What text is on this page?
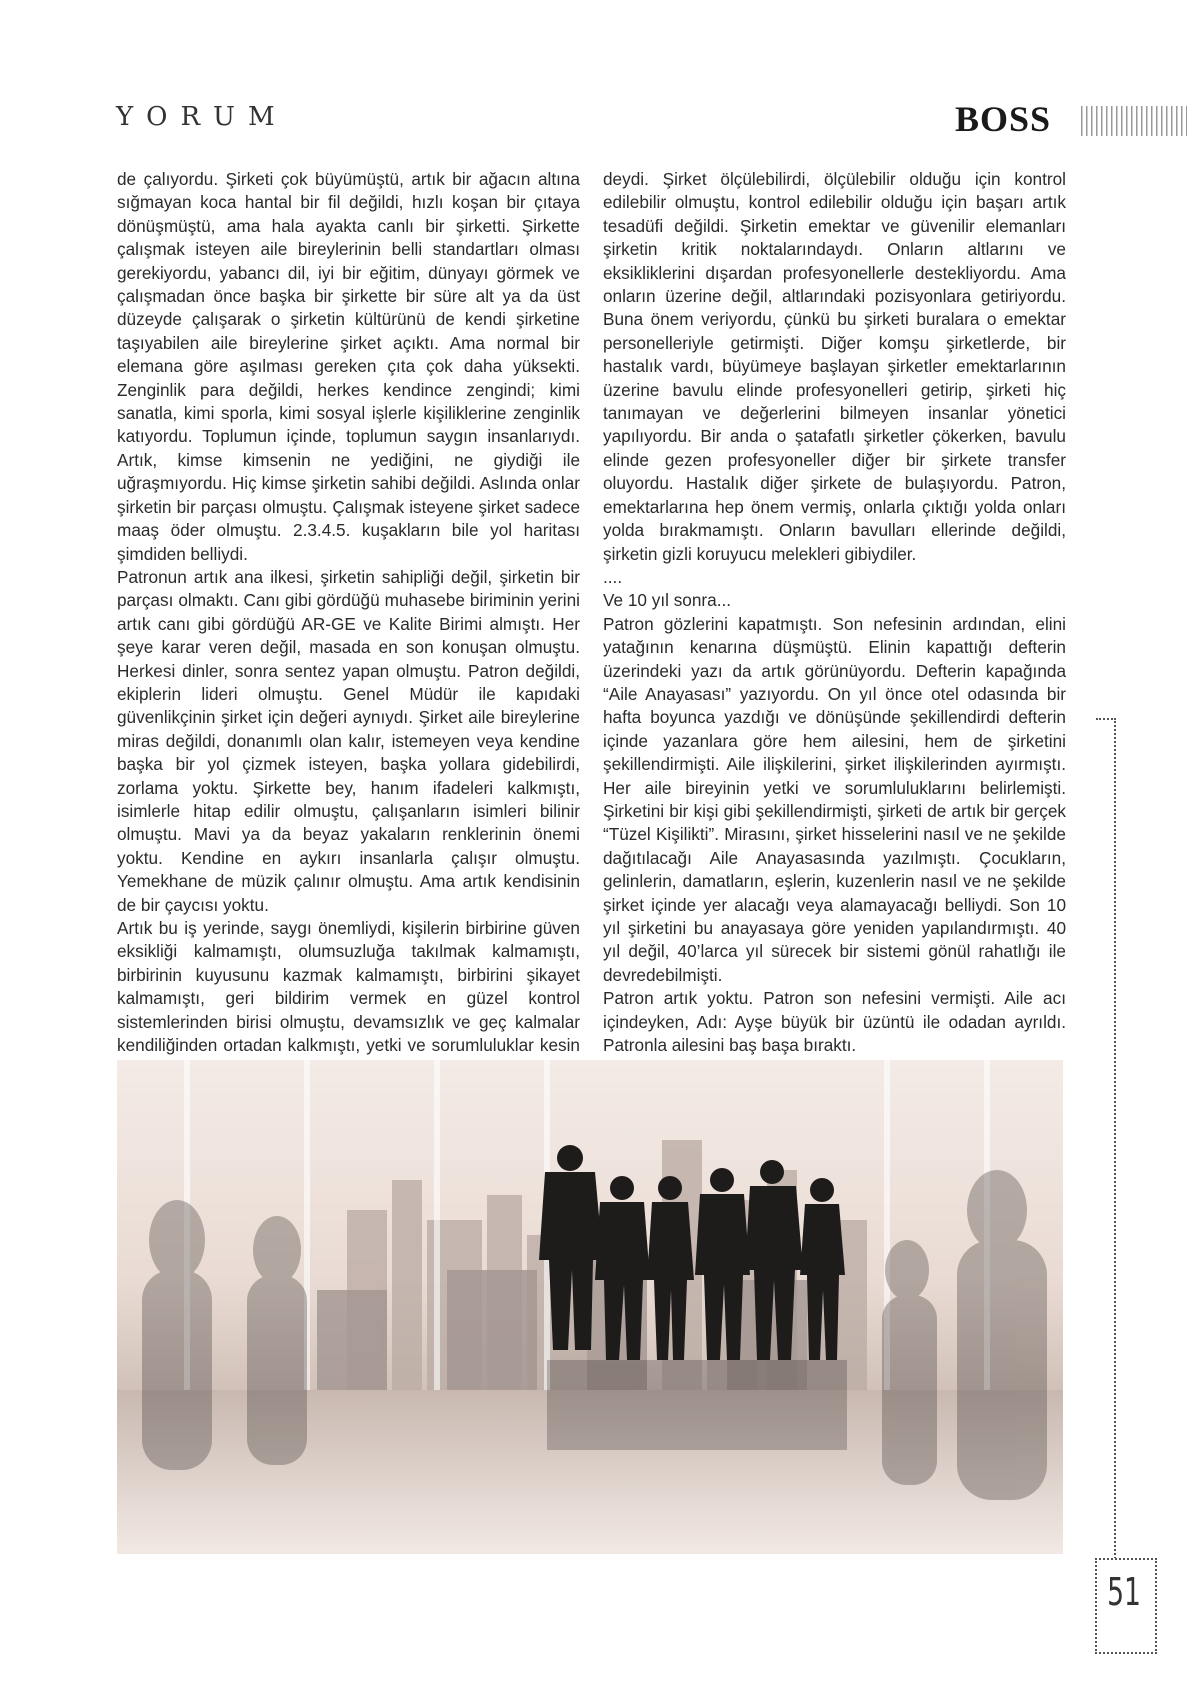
YORUM	BOSS

de çalıyordu. Şirketi çok büyümüştü, artık bir ağacın altına sığmayan koca hantal bir fil değildi, hızlı koşan bir çıtaya dönüşmüştü, ama hala ayakta canlı bir şirketti. Şirkette çalışmak isteyen aile bireylerinin belli standartları olması gerekiyordu, yabancı dil, iyi bir eğitim, dünyayı görmek ve çalışmadan önce başka bir şirkette bir süre alt ya da üst düzeyde çalışarak o şirketin kültürünü de kendi şirketine taşıyabilen aile bireylerine şirket açıktı. Ama normal bir elemana göre aşılması gereken çıta çok daha yüksekti. Zenginlik para değildi, herkes kendince zengindi; kimi sanatla, kimi sporla, kimi sosyal işlerle kişiliklerine zenginlik katıyordu. Toplumun içinde, toplumun saygın insanlarıydı. Artık, kimse kimsenin ne yediğini, ne giydiği ile uğraşmıyordu. Hiç kimse şirketin sahibi değildi. Aslında onlar şirketin bir parçası olmuştu. Çalışmak isteyene şirket sadece maaş öder olmuştu. 2.3.4.5. kuşakların bile yol haritası şimdiden belliydi.

Patronun artık ana ilkesi, şirketin sahipliği değil, şirketin bir parçası olmaktı. Canı gibi gördüğü muhasebe biriminin yerini artık canı gibi gördüğü AR-GE ve Kalite Birimi almıştı. Her şeye karar veren değil, masada en son konuşan olmuştu. Herkesi dinler, sonra sentez yapan olmuştu. Patron değildi, ekiplerin lideri olmuştu. Genel Müdür ile kapıdaki güvenlikçinin şirket için değeri aynıydı. Şirket aile bireylerine miras değildi, donanımlı olan kalır, istemeyen veya kendine başka bir yol çizmek isteyen, başka yollara gidebilirdi, zorlama yoktu. Şirkette bey, hanım ifadeleri kalkmıştı, isimlerle hitap edilir olmuştu, çalışanların isimleri bilinir olmuştu. Mavi ya da beyaz yakaların renklerinin önemi yoktu. Kendine en aykırı insanlarla çalışır olmuştu. Yemekhane de müzik çalınır olmuştu. Ama artık kendisinin de bir çaycısı yoktu.

Artık bu iş yerinde, saygı önemliydi, kişilerin birbirine güven eksikliği kalmamıştı, olumsuzluğa takılmak kalmamıştı, birbirinin kuyusunu kazmak kalmamıştı, birbirini şikayet kalmamıştı, geri bildirim vermek en güzel kontrol sistemlerinden birisi olmuştu, devamsızlık ve geç kalmalar kendiliğinden ortadan kalkmıştı, yetki ve sorumluluklar kesin

deydi. Şirket ölçülebilirdi, ölçülebilir olduğu için kontrol edilebilir olmuştu, kontrol edilebilir olduğu için başarı artık tesadüfi değildi. Şirketin emektar ve güvenilir elemanları şirketin kritik noktalarındaydı. Onların altlarını ve eksikliklerini dışardan profesyonellerle destekliyordu. Ama onların üzerine değil, altlarındaki pozisyonlara getiriyordu. Buna önem veriyordu, çünkü bu şirketi buralara o emektar personelleriyle getirmişti. Diğer komşu şirketlerde, bir hastalık vardı, büyümeye başlayan şirketler emektarlarının üzerine bavulu elinde profesyonelleri getirip, şirketi hiç tanımayan ve değerlerini bilmeyen insanlar yönetici yapılıyordu. Bir anda o şatafatlı şirketler çökerken, bavulu elinde gezen profesyoneller diğer bir şirkete transfer oluyordu. Hastalık diğer şirkete de bulaşıyordu. Patron, emektarlarına hep önem vermiş, onlarla çıktığı yolda onları yolda bırakmamıştı. Onların bavulları ellerinde değildi, şirketin gizli koruyucu melekleri gibiydiler.

....

Ve 10 yıl sonra...

Patron gözlerini kapatmıştı. Son nefesinin ardından, elini yatağının kenarına düşmüştü. Elinin kapattığı defterin üzerindeki yazı da artık görünüyordu. Defterin kapağında “Aile Anayasası” yazıyordu. On yıl önce otel odasında bir hafta boyunca yazdığı ve dönüşünde şekillendirdi defterin içinde yazanlara göre hem ailesini, hem de şirketini şekillendirmişti. Aile ilişkilerini, şirket ilişkilerinden ayırmıştı. Her aile bireyinin yetki ve sorumluluklarını belirlemişti. Şirketini bir kişi gibi şekillendirmişti, şirketi de artık bir gerçek “Tüzel Kişilikti”. Mirasını, şirket hisselerini nasıl ve ne şekilde dağıtılacağı Aile Anayasasında yazılmıştı. Çocukların, gelinlerin, damatların, eşlerin, kuzenlerin nasıl ve ne şekilde şirket içinde yer alacağı veya alamayacağı belliydi. Son 10 yıl şirketini bu anayasaya göre yeniden yapılandırmıştı. 40 yıl değil, 40’larca yıl sürecek bir sistemi gönül rahatlığı ile devredebilmişti.

Patron artık yoktu. Patron son nefesini vermişti. Aile acı içindeyken, Adı: Ayşe büyük bir üzüntü ile odadan ayrıldı. Patronla ailesini baş başa bıraktı.

51
